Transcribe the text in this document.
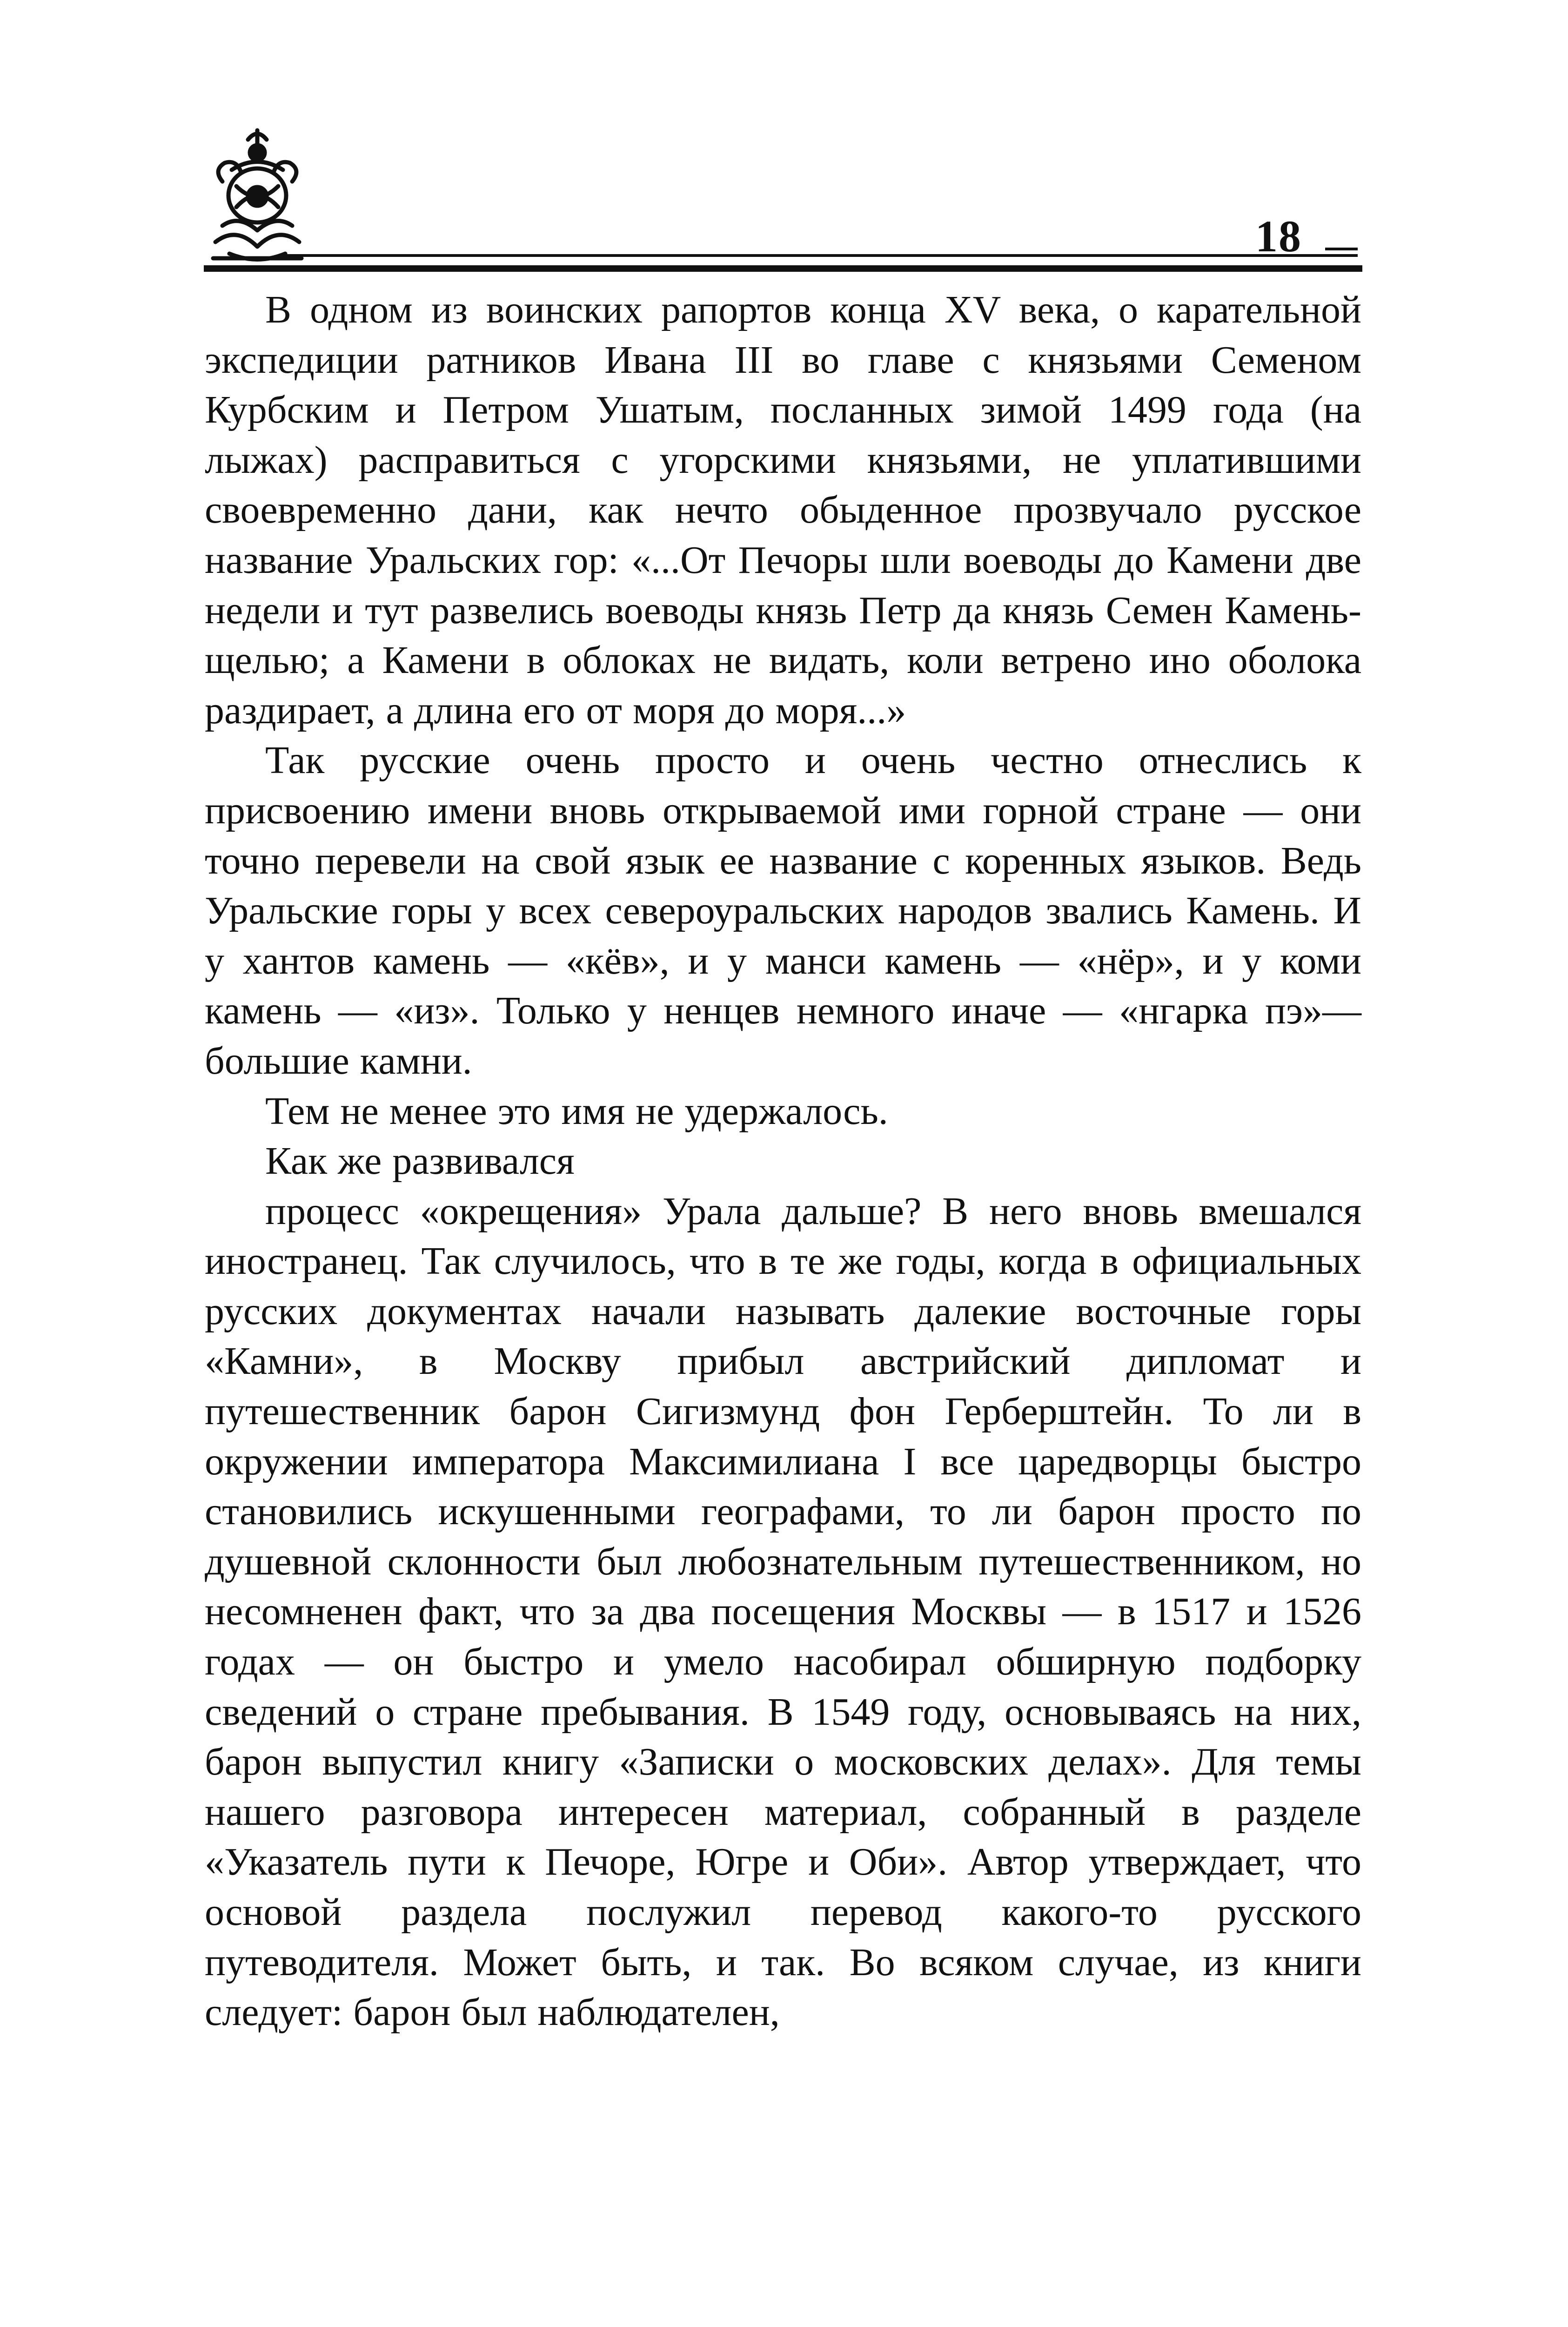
18

В одном из воинских рапортов конца XV века, о карательной экспедиции ратников Ивана III во главе с князьями Семеном Курбским и Петром Ушатым, посланных зимой 1499 года (на лыжах) расправиться с угорскими князьями, не уплатившими своевременно дани, как нечто обыденное прозвучало русское название Уральских гор: «...От Печоры шли воеводы до Камени две недели и тут развелись воеводы князь Петр да князь Семен Камень-щелью; а Камени в облоках не видать, коли ветрено ино оболока раздирает, а длина его от моря до моря...»

Так русские очень просто и очень честно отнеслись к присвоению имени вновь открываемой ими горной стране — они точно перевели на свой язык ее название с коренных языков. Ведь Уральские горы у всех североуральских народов звались Камень. И у хантов камень — «кёв», и у манси камень — «нёр», и у коми камень — «из». Только у ненцев немного иначе — «нгарка пэ»— большие камни.

Тем не менее это имя не удержалось.

Как же развивался

процесс «окрещения» Урала дальше? В него вновь вмешался иностранец. Так случилось, что в те же годы, когда в официальных русских документах начали называть далекие восточные горы «Камни», в Москву прибыл австрийский дипломат и путешественник барон Сигизмунд фон Герберштейн. То ли в окружении императора Максимилиана I все царедворцы быстро становились искушенными географами, то ли барон просто по душевной склонности был любознательным путешественником, но несомненен факт, что за два посещения Москвы — в 1517 и 1526 годах — он быстро и умело насобирал обширную подборку сведений о стране пребывания. В 1549 году, основываясь на них, барон выпустил книгу «Записки о московских делах». Для темы нашего разговора интересен материал, собранный в разделе «Указатель пути к Печоре, Югре и Оби». Автор утверждает, что основой раздела послужил перевод какого-то русского путеводителя. Может быть, и так. Во всяком случае, из книги следует: барон был наблюдателен,
